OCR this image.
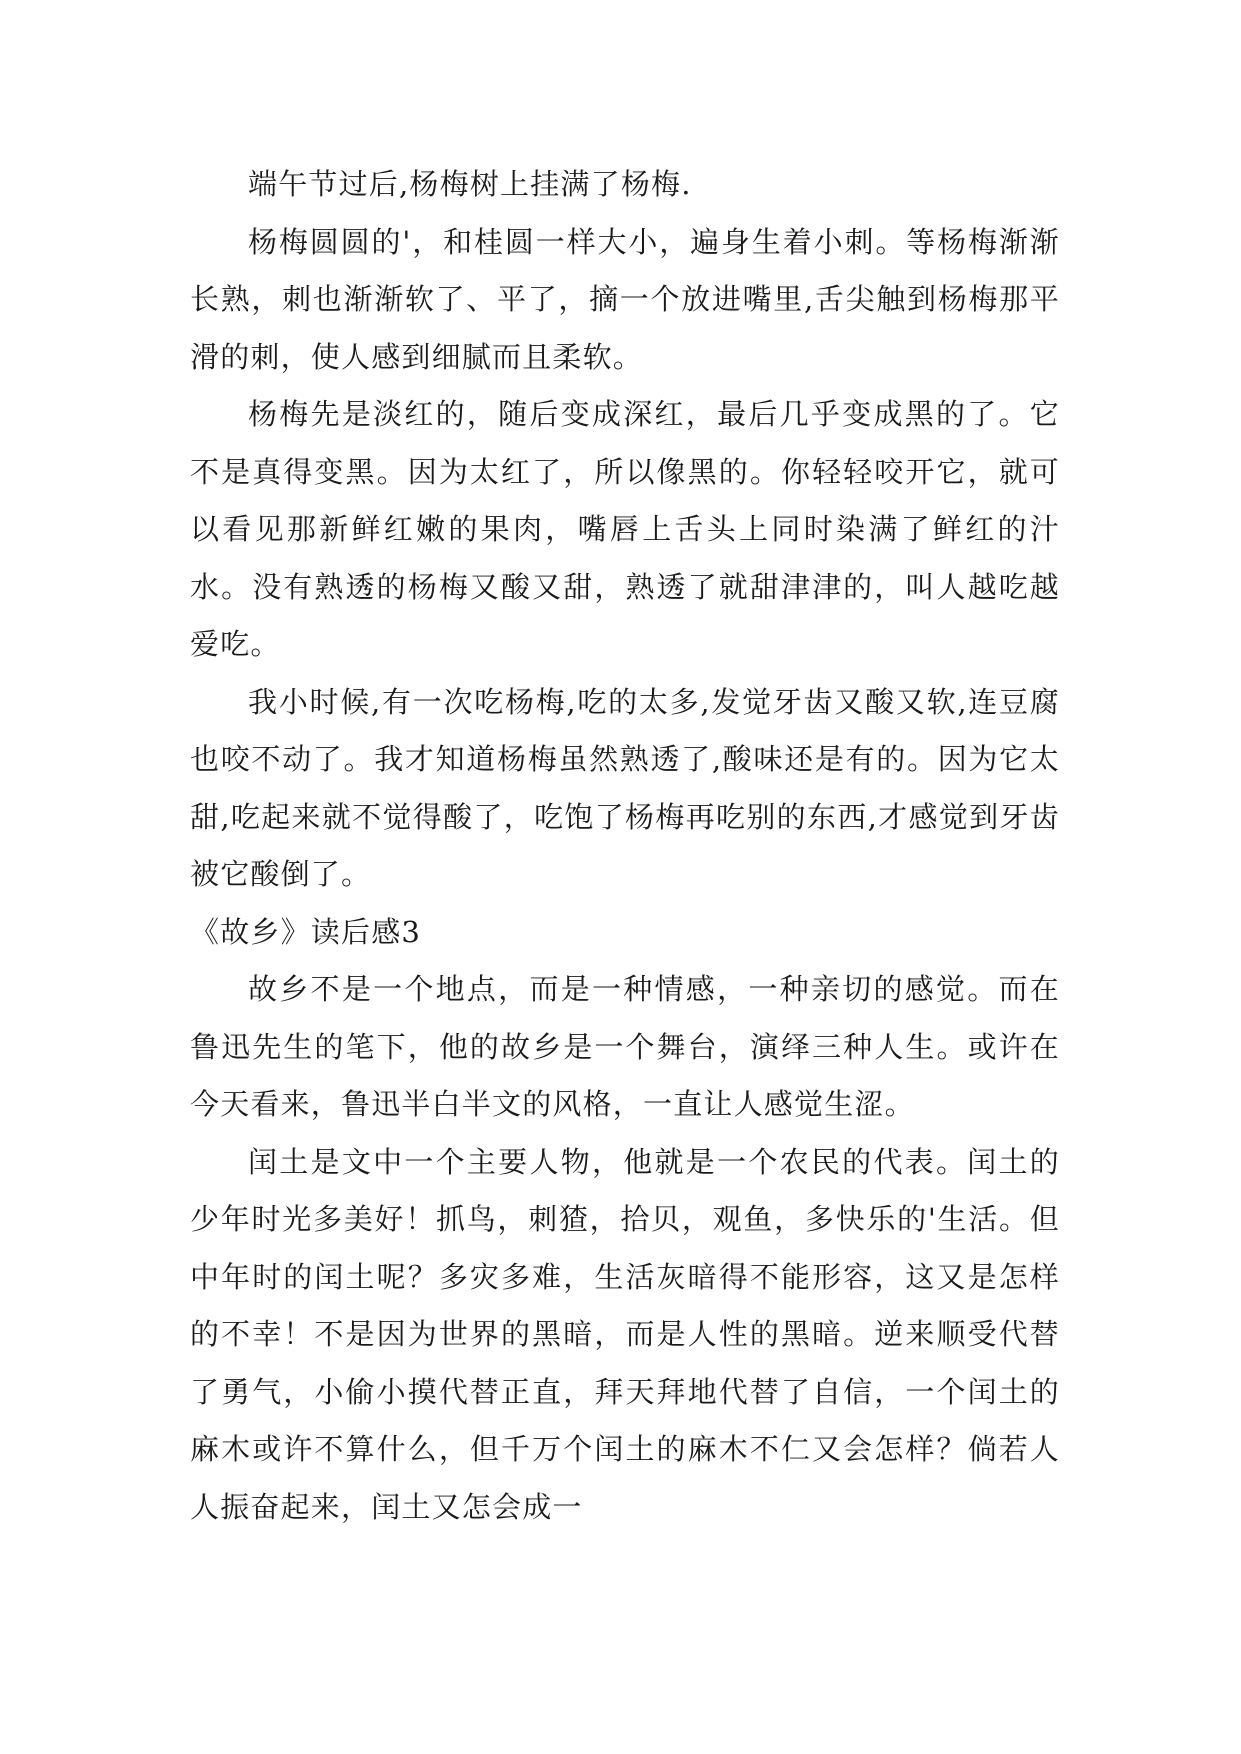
端午节过后,杨梅树上挂满了杨梅.

杨梅圆圆的'，和桂圆一样大小，遍身生着小刺。等杨梅渐渐长熟，刺也渐渐软了、平了，摘一个放进嘴里,舌尖触到杨梅那平滑的刺，使人感到细腻而且柔软。

杨梅先是淡红的，随后变成深红，最后几乎变成黑的了。它不是真得变黑。因为太红了，所以像黑的。你轻轻咬开它，就可以看见那新鲜红嫩的果肉，嘴唇上舌头上同时染满了鲜红的汁水。没有熟透的杨梅又酸又甜，熟透了就甜津津的，叫人越吃越爱吃。

我小时候,有一次吃杨梅,吃的太多,发觉牙齿又酸又软,连豆腐也咬不动了。我才知道杨梅虽然熟透了,酸味还是有的。因为它太甜,吃起来就不觉得酸了，吃饱了杨梅再吃别的东西,才感觉到牙齿被它酸倒了。

《故乡》读后感3

故乡不是一个地点，而是一种情感，一种亲切的感觉。而在鲁迅先生的笔下，他的故乡是一个舞台，演绎三种人生。或许在今天看来，鲁迅半白半文的风格，一直让人感觉生涩。

闰土是文中一个主要人物，他就是一个农民的代表。闰土的少年时光多美好！抓鸟，刺猹，拾贝，观鱼，多快乐的'生活。但中年时的闰土呢？多灾多难，生活灰暗得不能形容，这又是怎样的不幸！不是因为世界的黑暗，而是人性的黑暗。逆来顺受代替了勇气，小偷小摸代替正直，拜天拜地代替了自信，一个闰土的麻木或许不算什么，但千万个闰土的麻木不仁又会怎样？倘若人人振奋起来，闰土又怎会成一
